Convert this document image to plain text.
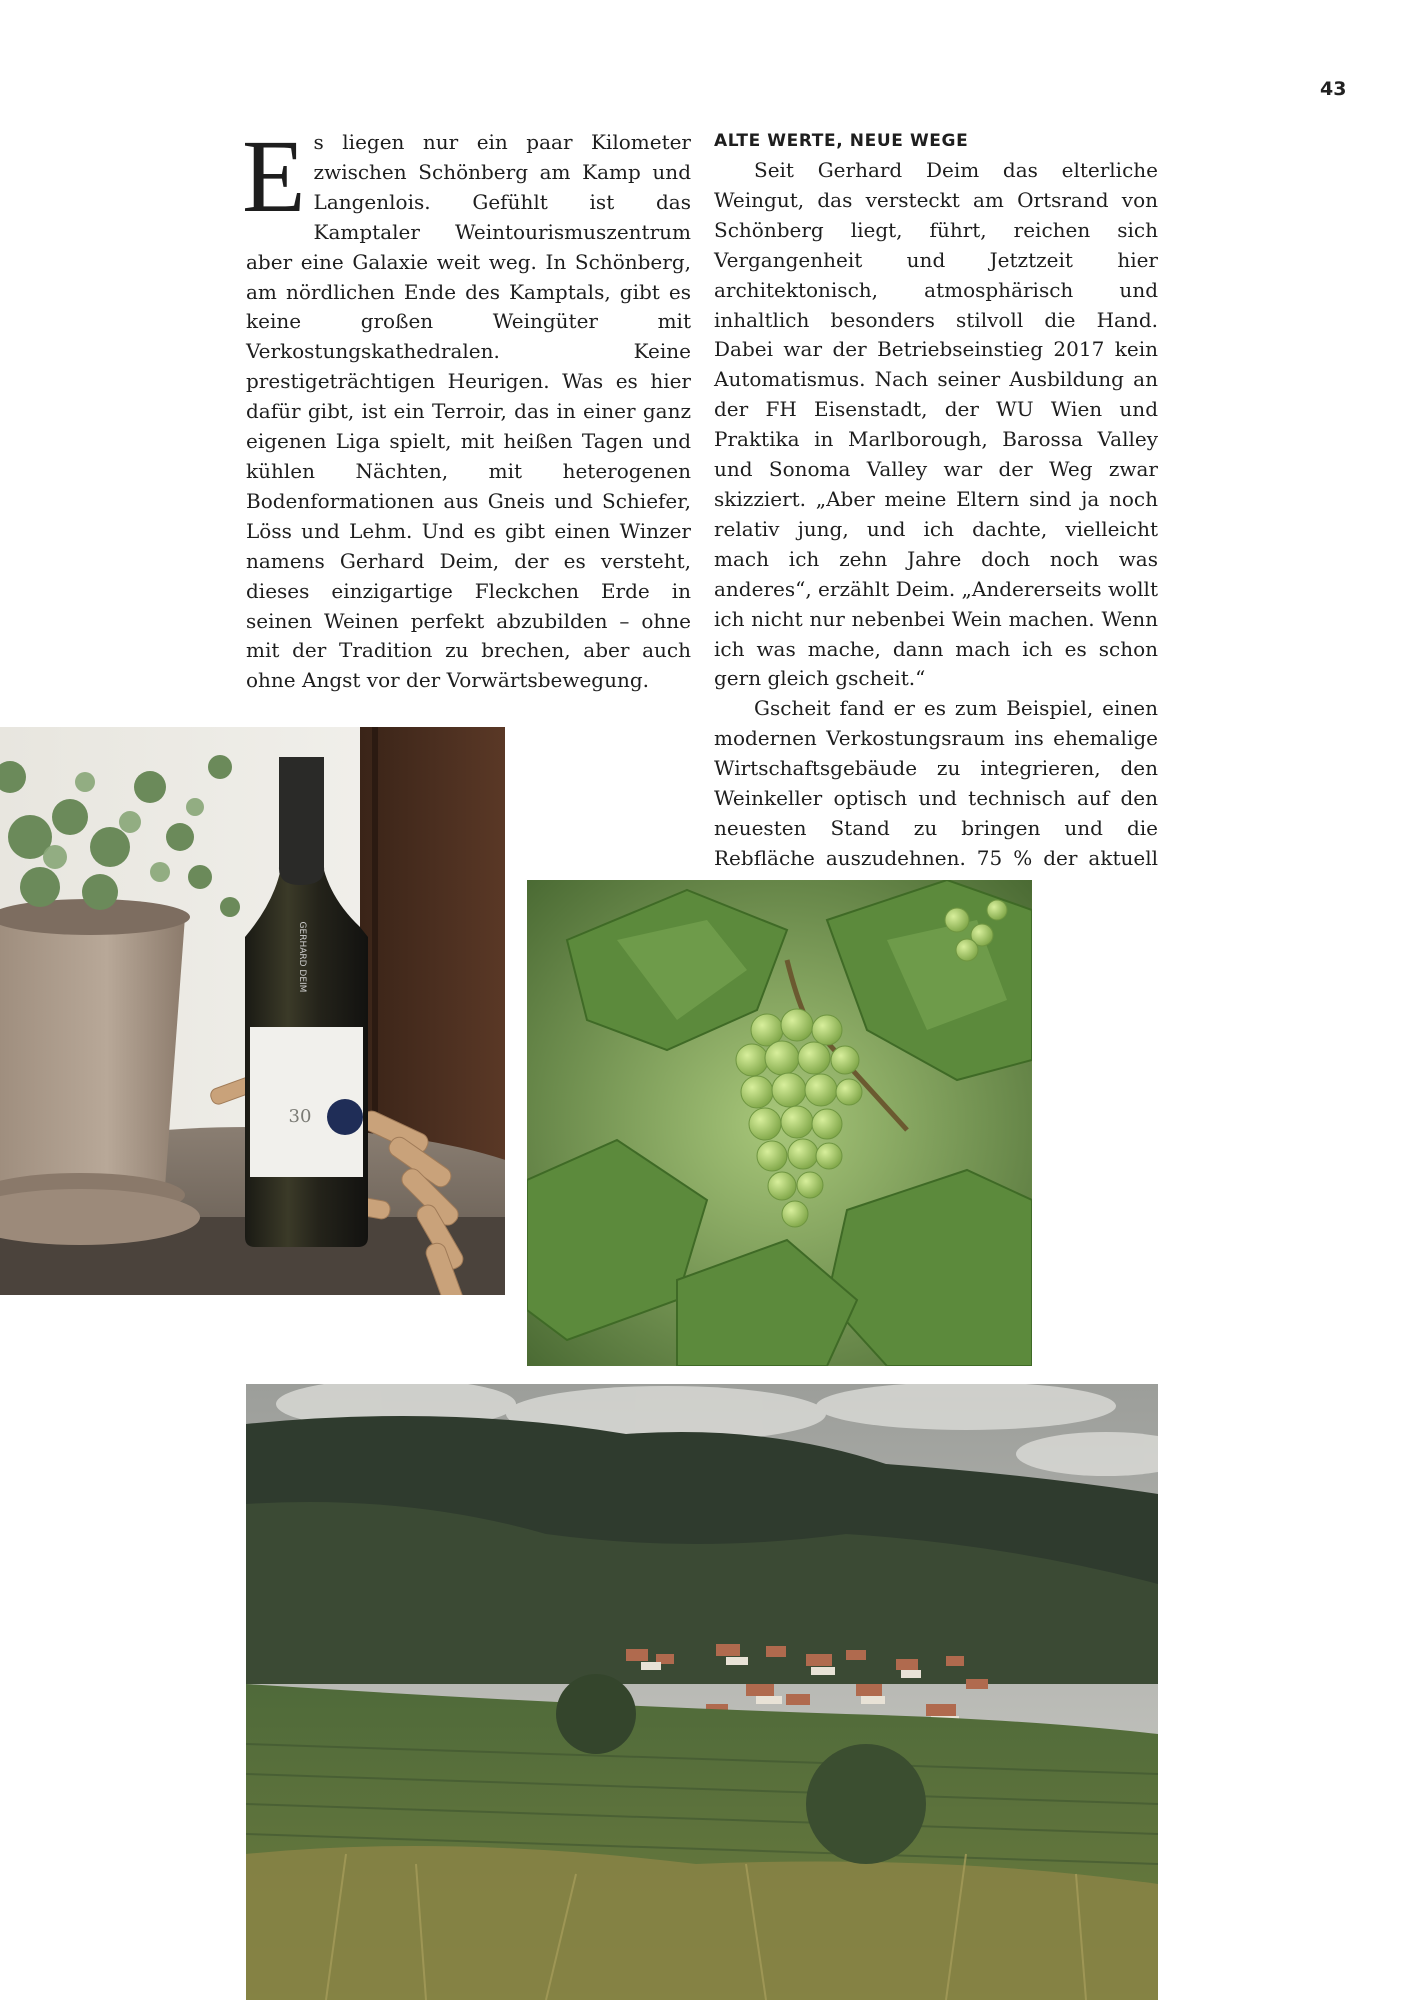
43

Es liegen nur ein paar Kilometer zwischen Schönberg am Kamp und Langenlois. Gefühlt ist das Kamptaler Weintourismuszentrum aber eine Galaxie weit weg. In Schönberg, am nördlichen Ende des Kamptals, gibt es keine großen Weingüter mit Verkostungskathedralen. Keine prestigeträchtigen Heurigen. Was es hier dafür gibt, ist ein Terroir, das in einer ganz eigenen Liga spielt, mit heißen Tagen und kühlen Nächten, mit heterogenen Bodenformationen aus Gneis und Schiefer, Löss und Lehm. Und es gibt einen Winzer namens Gerhard Deim, der es versteht, dieses einzigartige Fleckchen Erde in seinen Weinen perfekt abzubilden – ohne mit der Tradition zu brechen, aber auch ohne Angst vor der Vorwärtsbewegung.

ALTE WERTE, NEUE WEGE

Seit Gerhard Deim das elterliche Weingut, das versteckt am Ortsrand von Schönberg liegt, führt, reichen sich Vergangenheit und Jetztzeit hier architektonisch, atmosphärisch und inhaltlich besonders stilvoll die Hand. Dabei war der Betriebseinstieg 2017 kein Automatismus. Nach seiner Ausbildung an der FH Eisenstadt, der WU Wien und Praktika in Marlborough, Barossa Valley und Sonoma Valley war der Weg zwar skizziert. „Aber meine Eltern sind ja noch relativ jung, und ich dachte, vielleicht mach ich zehn Jahre doch noch was anderes“, erzählt Deim. „Andererseits wollt ich nicht nur nebenbei Wein machen. Wenn ich was mache, dann mach ich es schon gern gleich gscheit.“

Gscheit fand er es zum Beispiel, einen modernen Verkostungsraum ins ehemalige Wirtschaftsgebäude zu integrieren, den Weinkeller optisch und technisch auf den neuesten Stand zu bringen und die Rebfläche auszudehnen. 75 % der aktuell

30
GERHARD DEIM
